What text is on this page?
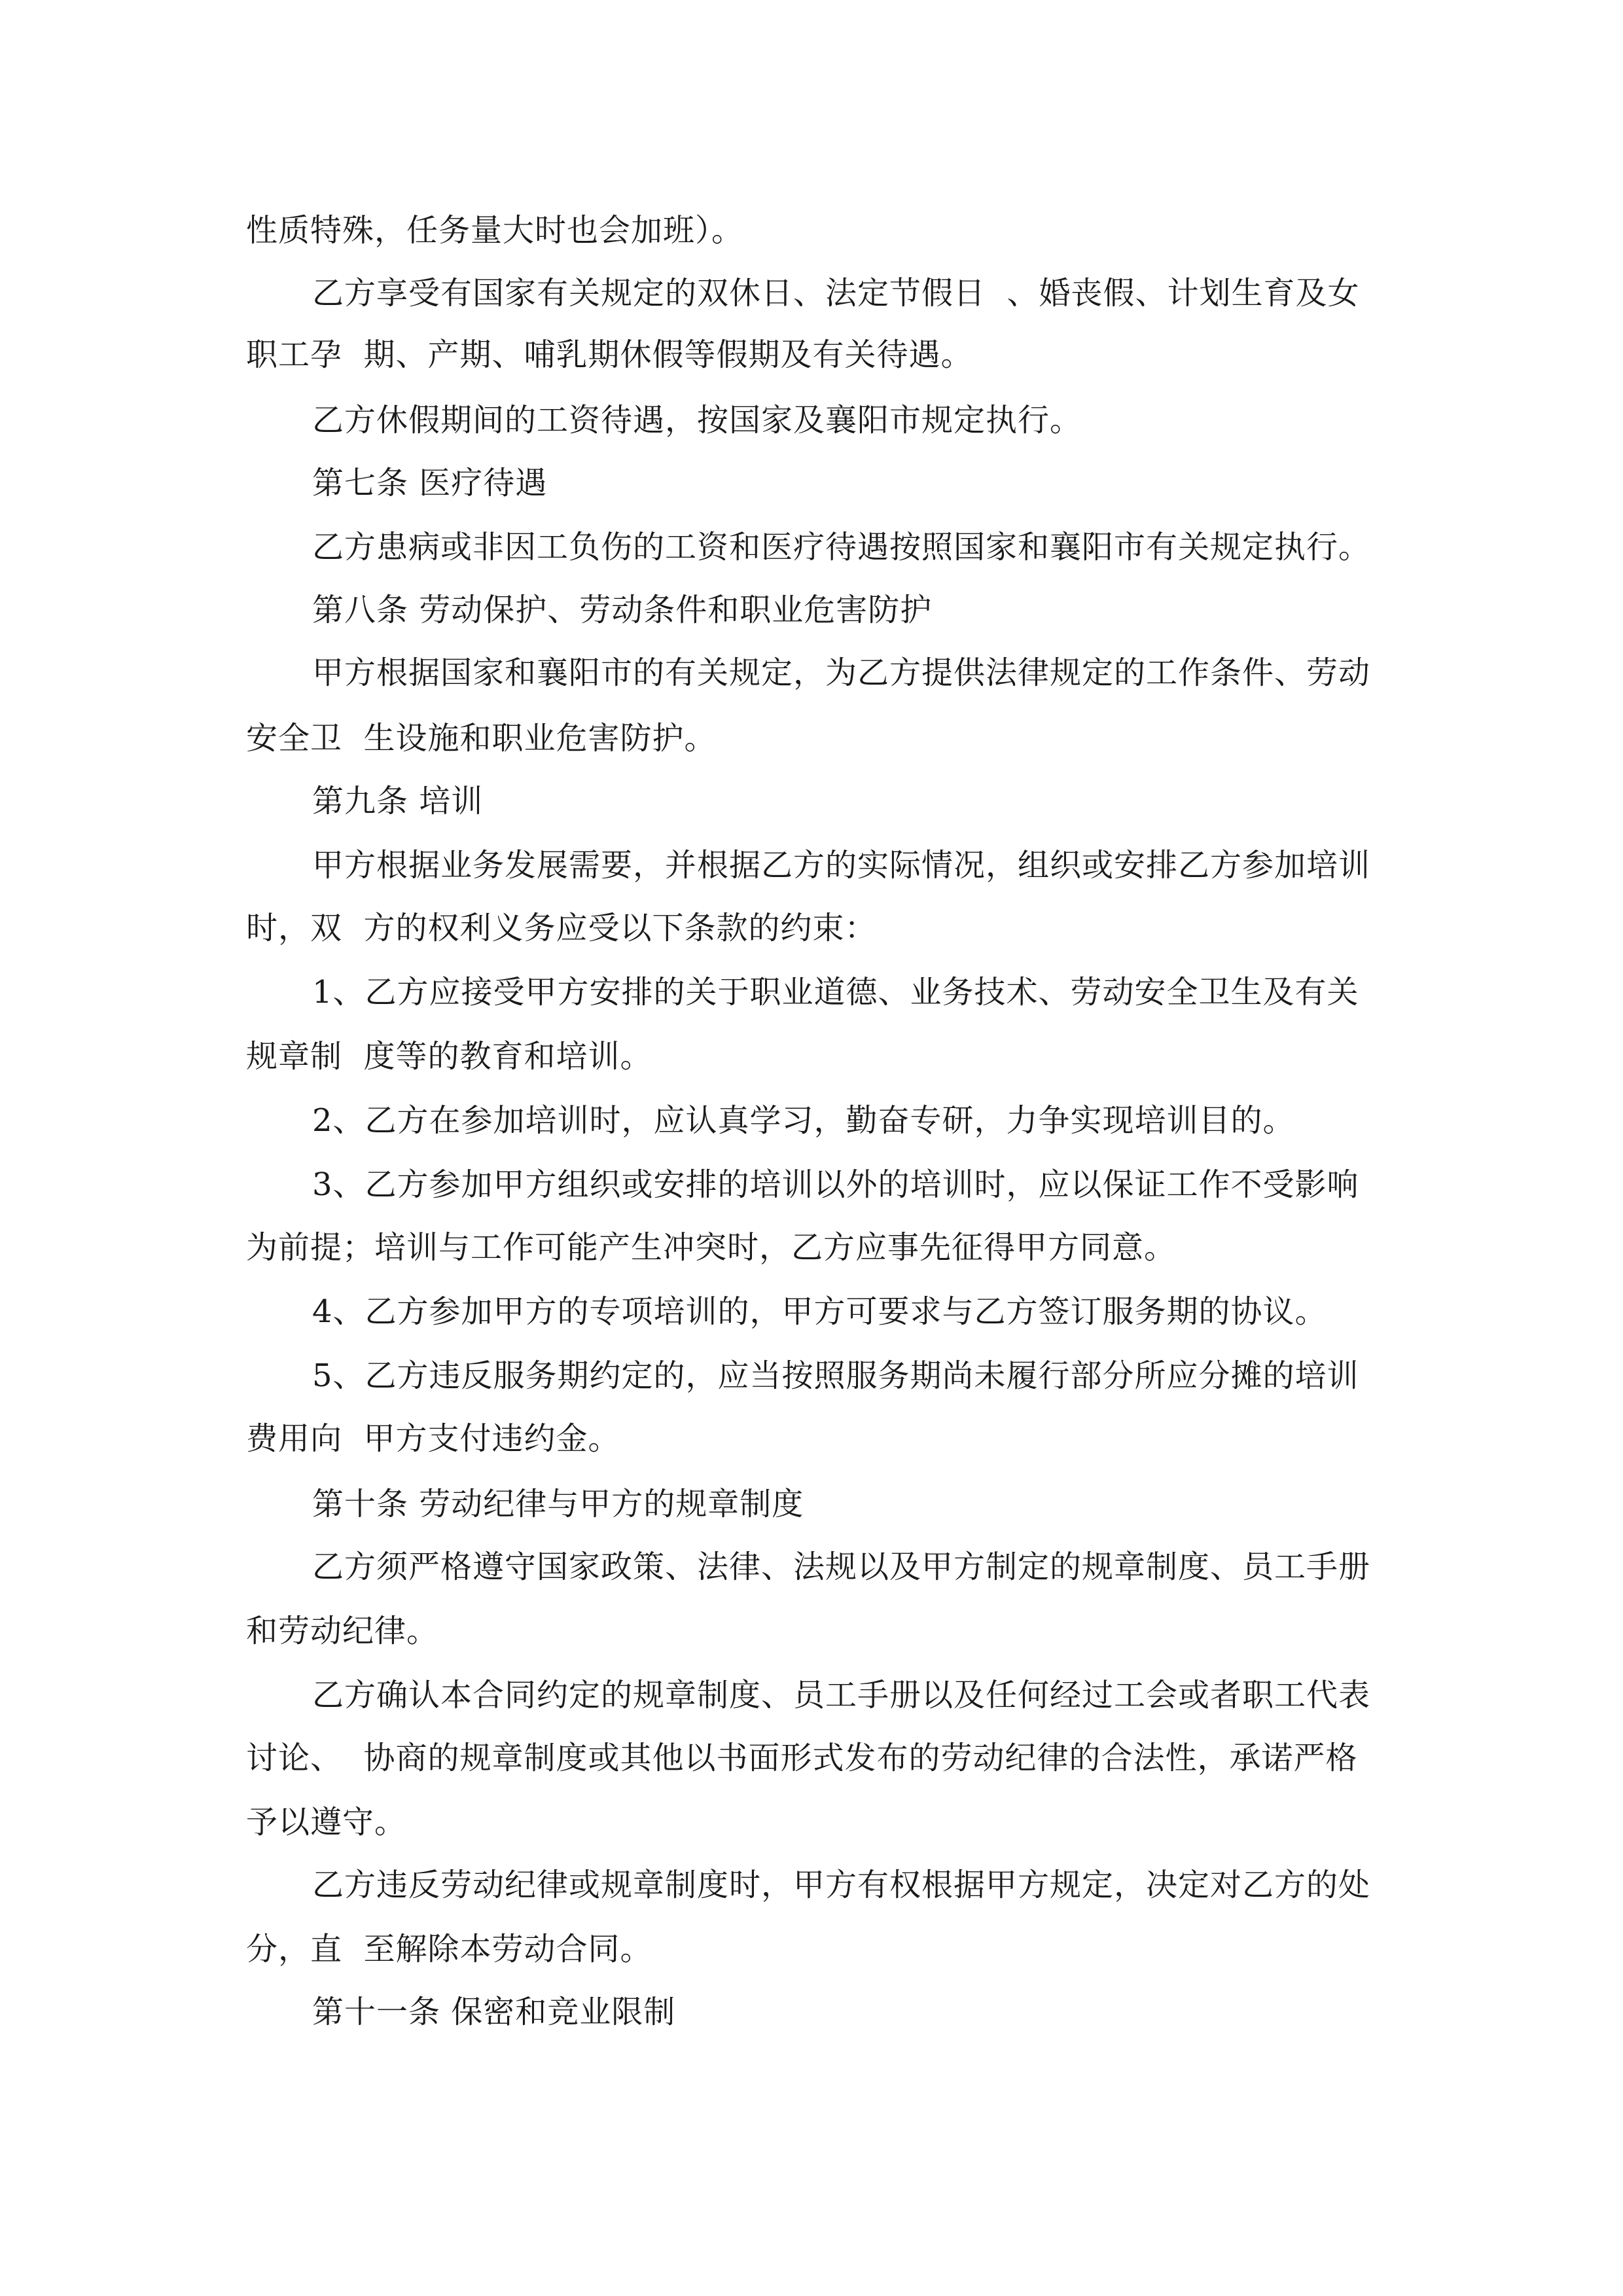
性质特殊，任务量大时也会加班）。
乙方享受有国家有关规定的双休日、法定节假日  、婚丧假、计划生育及女
职工孕  期、产期、哺乳期休假等假期及有关待遇。
乙方休假期间的工资待遇，按国家及襄阳市规定执行。
第七条 医疗待遇
乙方患病或非因工负伤的工资和医疗待遇按照国家和襄阳市有关规定执行。
第八条 劳动保护、劳动条件和职业危害防护
甲方根据国家和襄阳市的有关规定，为乙方提供法律规定的工作条件、劳动
安全卫  生设施和职业危害防护。
第九条 培训
甲方根据业务发展需要，并根据乙方的实际情况，组织或安排乙方参加培训
时，双  方的权利义务应受以下条款的约束：
1、乙方应接受甲方安排的关于职业道德、业务技术、劳动安全卫生及有关
规章制  度等的教育和培训。
2、乙方在参加培训时，应认真学习，勤奋专研，力争实现培训目的。
3、乙方参加甲方组织或安排的培训以外的培训时，应以保证工作不受影响
为前提；培训与工作可能产生冲突时，乙方应事先征得甲方同意。
4、乙方参加甲方的专项培训的，甲方可要求与乙方签订服务期的协议。
5、乙方违反服务期约定的，应当按照服务期尚未履行部分所应分摊的培训
费用向  甲方支付违约金。
第十条 劳动纪律与甲方的规章制度
乙方须严格遵守国家政策、法律、法规以及甲方制定的规章制度、员工手册
和劳动纪律。
乙方确认本合同约定的规章制度、员工手册以及任何经过工会或者职工代表
讨论、  协商的规章制度或其他以书面形式发布的劳动纪律的合法性，承诺严格
予以遵守。
乙方违反劳动纪律或规章制度时，甲方有权根据甲方规定，决定对乙方的处
分，直  至解除本劳动合同。
第十一条 保密和竞业限制
